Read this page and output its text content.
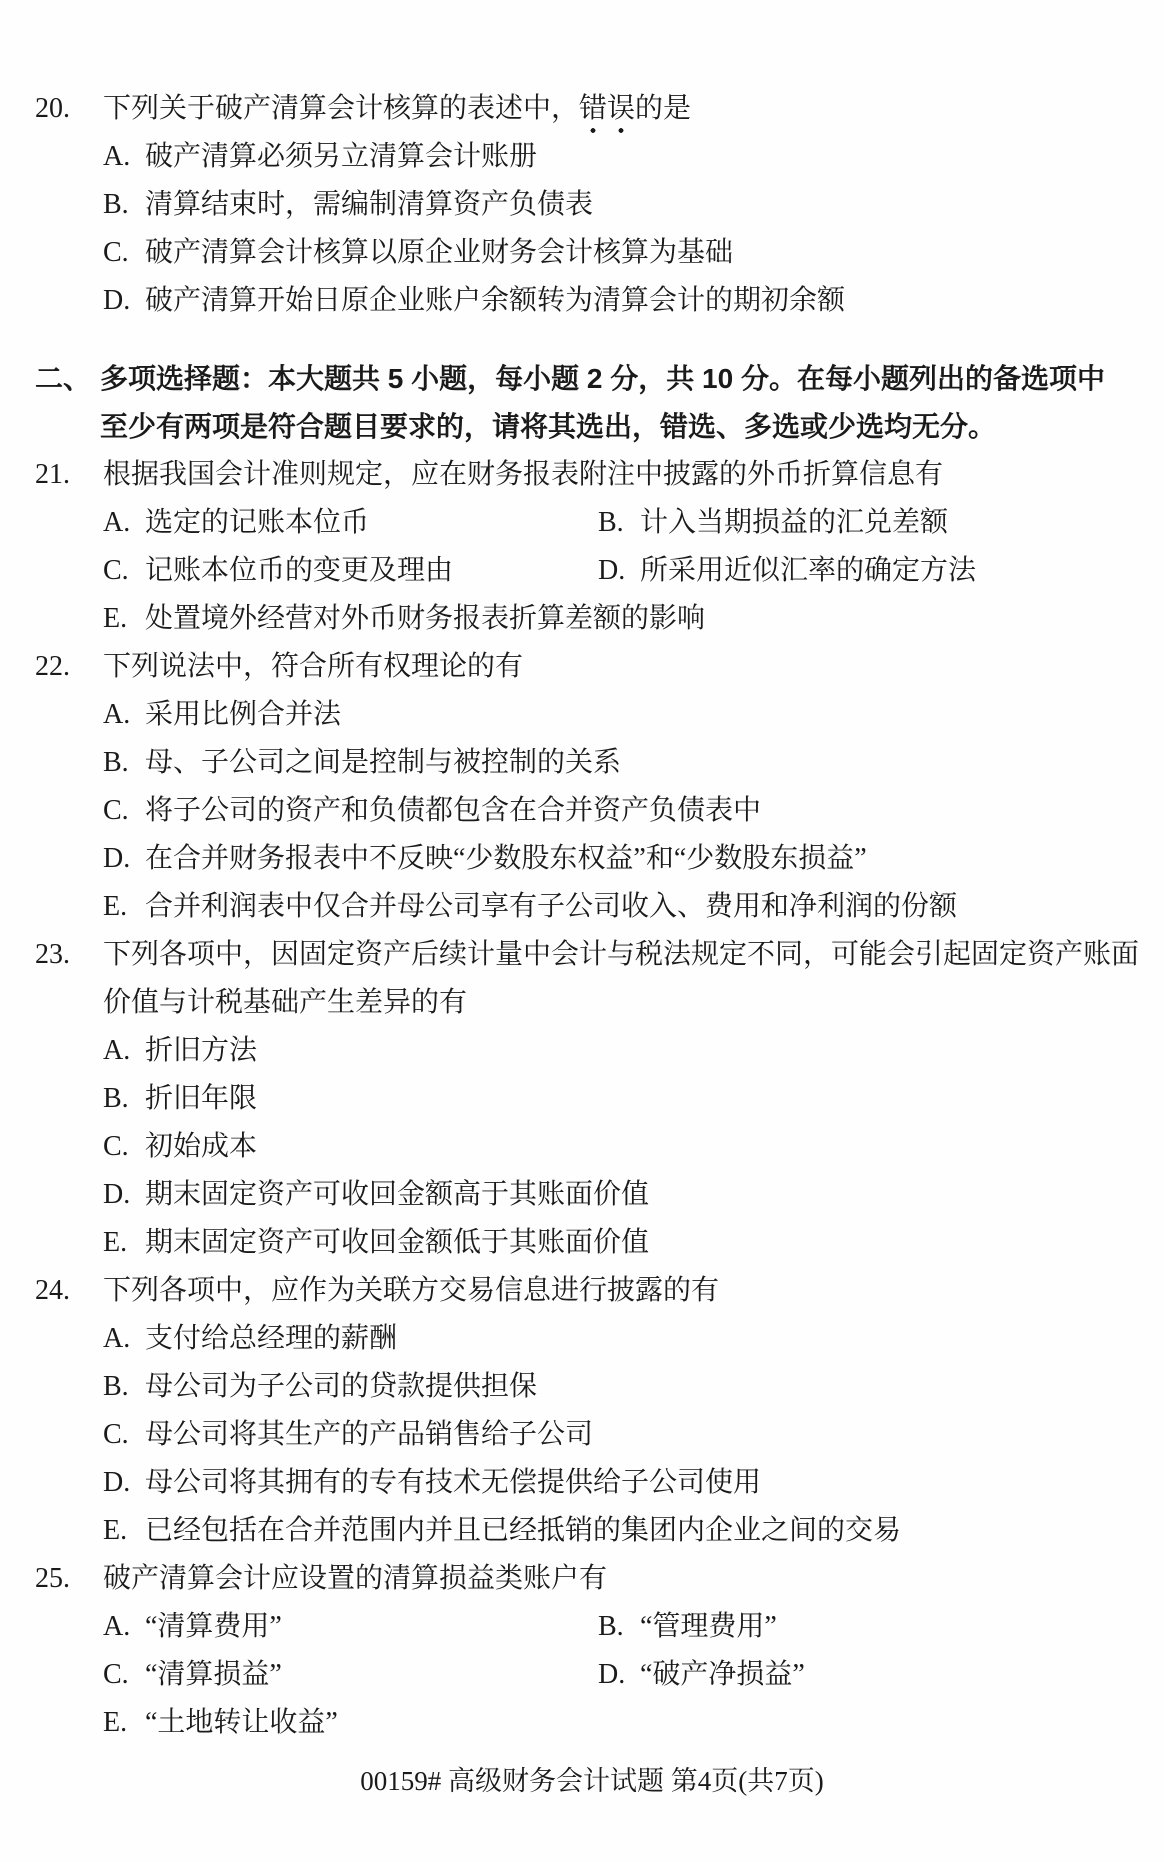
20. 下列关于破产清算会计核算的表述中，错误的是
A. 破产清算必须另立清算会计账册
B. 清算结束时，需编制清算资产负债表
C. 破产清算会计核算以原企业财务会计核算为基础
D. 破产清算开始日原企业账户余额转为清算会计的期初余额
二、 多项选择题：本大题共 5 小题，每小题 2 分，共 10 分。在每小题列出的备选项中
至少有两项是符合题目要求的，请将其选出，错选、多选或少选均无分。
21. 根据我国会计准则规定，应在财务报表附注中披露的外币折算信息有
A. 选定的记账本位币	B. 计入当期损益的汇兑差额
C. 记账本位币的变更及理由	D. 所采用近似汇率的确定方法
E. 处置境外经营对外币财务报表折算差额的影响
22. 下列说法中，符合所有权理论的有
A. 采用比例合并法
B. 母、子公司之间是控制与被控制的关系
C. 将子公司的资产和负债都包含在合并资产负债表中
D. 在合并财务报表中不反映“少数股东权益”和“少数股东损益”
E. 合并利润表中仅合并母公司享有子公司收入、费用和净利润的份额
23. 下列各项中，因固定资产后续计量中会计与税法规定不同，可能会引起固定资产账面价值与计税基础产生差异的有
A. 折旧方法
B. 折旧年限
C. 初始成本
D. 期末固定资产可收回金额高于其账面价值
E. 期末固定资产可收回金额低于其账面价值
24. 下列各项中，应作为关联方交易信息进行披露的有
A. 支付给总经理的薪酬
B. 母公司为子公司的贷款提供担保
C. 母公司将其生产的产品销售给子公司
D. 母公司将其拥有的专有技术无偿提供给子公司使用
E. 已经包括在合并范围内并且已经抵销的集团内企业之间的交易
25. 破产清算会计应设置的清算损益类账户有
A. “清算费用”	B. “管理费用”
C. “清算损益”	D. “破产净损益”
E. “土地转让收益”
00159# 高级财务会计试题 第4页(共7页)
